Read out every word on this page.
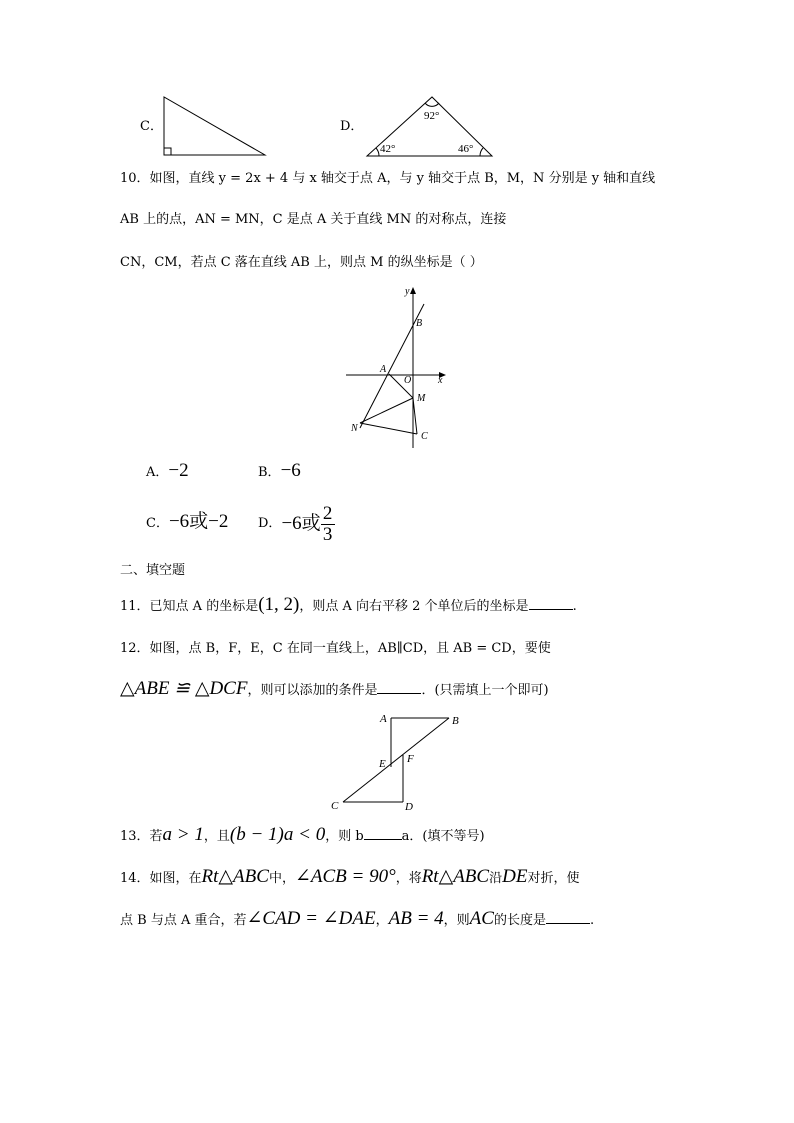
C．	D．
92°
42°	46°
10．如图，直线 y = 2x + 4 与 x 轴交于点 A，与 y 轴交于点 B，M，N 分别是 y 轴和直线
AB 上的点，AN = MN，C 是点 A 关于直线 MN 的对称点，连接
CN，CM，若点 C 落在直线 AB 上，则点 M 的纵坐标是（ ）
y
x
B
A
O
M
N
C
A．−2	B．−6
C．−6或−2 D． −6或 $\frac{2}{3}$
二、填空题
11．已知点 A 的坐标是(1, 2)，则点 A 向右平移 2 个单位后的坐标是	.
12．如图，点 B，F，E，C 在同一直线上，AB∥CD，且 AB = CD，要使
△ABE ≌ △DCF，则可以添加的条件是	．(只需填上一个即可)
A	B
E F
C	D
13．若a > 1，且(b − 1)a < 0，则 b	a．(填不等号)
14．如图，在Rt△ABC中，∠ACB = 90°，将Rt△ABC沿DE对折，使
点 B 与点 A 重合，若∠CAD = ∠DAE，AB = 4，则AC的长度是	.
